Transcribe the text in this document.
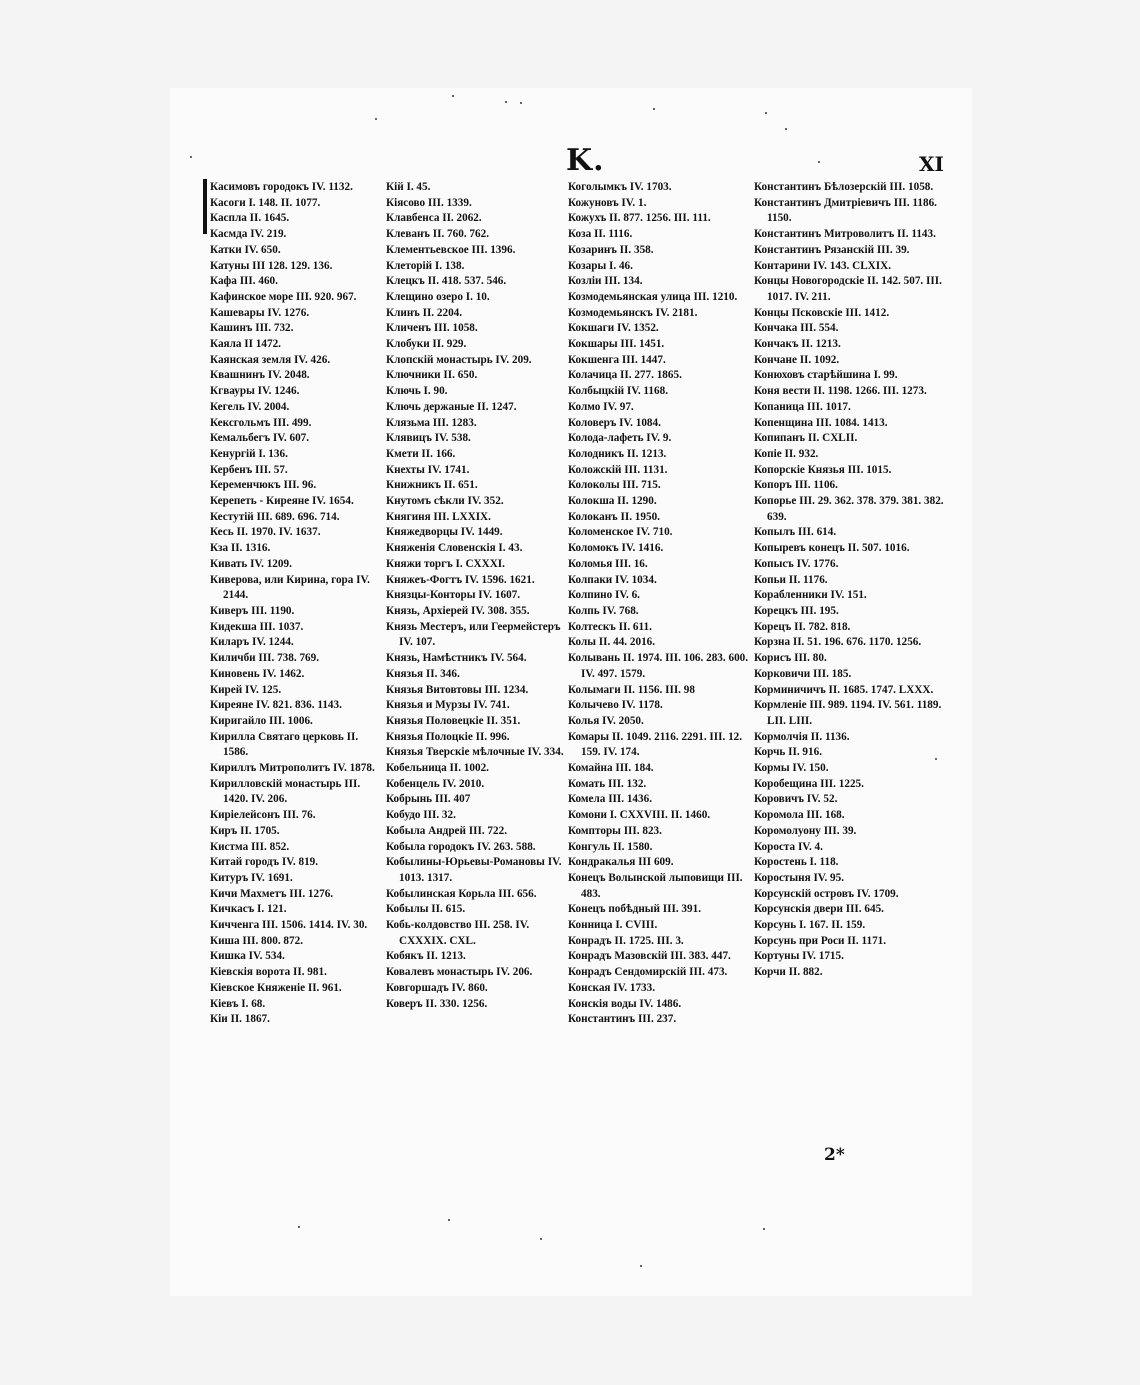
K.	XI
Касимовъ городокъ IV. 1132.
Касоги I. 148. II. 1077.
Каспла II. 1645.
Касмда IV. 219.
Катки IV. 650.
Катуны III 128. 129. 136.
Кафа III. 460.
Кафинское море III. 920. 967.
Кашевары IV. 1276.
Кашинъ III. 732.
Каяла II 1472.
Каянская земля IV. 426.
Квашнинъ IV. 2048.
Кгвауры IV. 1246.
Кегель IV. 2004.
Кексгольмъ III. 499.
Кемальбегъ IV. 607.
Кенургій I. 136.
Кербенъ III. 57.
Кеременчюкъ III. 96.
Керепеть - Киреяне IV. 1654.
Кестутій III. 689. 696. 714.
Кесь II. 1970. IV. 1637.
Кза II. 1316.
Кивать IV. 1209.
Киверова, или Кирина, гора IV. 2144.
Киверъ III. 1190.
Кидекша III. 1037.
Киларъ IV. 1244.
Киличби III. 738. 769.
Киновень IV. 1462.
Кирей IV. 125.
Киреяне IV. 821. 836. 1143.
Киригайло III. 1006.
Кирилла Святаго церковь II. 1586.
Кириллъ Митрополитъ IV. 1878.
Кирилловскій монастырь III. 1420. IV. 206.
Киріелейсонъ III. 76.
Киръ II. 1705.
Кистма III. 852.
Китай городъ IV. 819.
Китуръ IV. 1691.
Кичи Махметъ III. 1276.
Кичкасъ I. 121.
Кичченга III. 1506. 1414. IV. 30.
Киша III. 800. 872.
Кишка IV. 534.
Кіевскія ворота II. 981.
Кіевское Княженіе II. 961.
Кіевъ I. 68.
Кiи II. 1867.
Кій I. 45.
Кіясово III. 1339.
Клавбенса II. 2062.
Клеванъ II. 760. 762.
Клементьевское III. 1396.
Клеторій I. 138.
Клецкъ II. 418. 537. 546.
Клещино озеро I. 10.
Клинъ II. 2204.
Кличенъ III. 1058.
Клобуки II. 929.
Клопскій монастырь IV. 209.
Ключники II. 650.
Ключь I. 90.
Ключь держаные II. 1247.
Клязьма III. 1283.
Клявицъ IV. 538.
Кмети II. 166.
Кнехты IV. 1741.
Книжникъ II. 651.
Кнутомъ сѣкли IV. 352.
Княгиня III. LXXIX.
Княжедворцы IV. 1449.
Княженія Словенскія I. 43.
Княжи торгъ I. CXXXI.
Княжеъ-Фогтъ IV. 1596. 1621.
Князцы-Конторы IV. 1607.
Князь, Архіерей IV. 308. 355.
Князь Местеръ, или Геермейстеръ IV. 107.
Князь, Намѣстникъ IV. 564.
Князья II. 346.
Князья Витовтовы III. 1234.
Князья и Мурзы IV. 741.
Князья Половецкіе II. 351.
Князья Полоцкіе II. 996.
Князья Тверскіе мѣлочные IV. 334.
Кобельница II. 1002.
Кобенцель IV. 2010.
Кобрынь III. 407
Кобудо III. 32.
Кобыла Андрей III. 722.
Кобыла городокъ IV. 263. 588.
Кобылины-Юрьевы-Романовы IV. 1013. 1317.
Кобылинская Корьла III. 656.
Кобылы II. 615.
Кобь-колдовство III. 258. IV. CXXXIX. CXL.
Кобякъ II. 1213.
Ковалевъ монастырь IV. 206.
Ковгоршадъ IV. 860.
Коверъ II. 330. 1256.
Коголымкъ IV. 1703.
Кожуновъ IV. 1.
Кожухъ II. 877. 1256. III. 111.
Коза II. 1116.
Козаринъ II. 358.
Козары I. 46.
Козліи III. 134.
Козмодемьянская улица III. 1210.
Козмодемьянскъ IV. 2181.
Кокшаги IV. 1352.
Кокшары III. 1451.
Кокшенга III. 1447.
Колачица II. 277. 1865.
Колбыцкій IV. 1168.
Колмо IV. 97.
Коловеръ IV. 1084.
Колода-лафеть IV. 9.
Колодникъ II. 1213.
Коложскій III. 1131.
Колоколы III. 715.
Колокша II. 1290.
Колоканъ II. 1950.
Коломенское IV. 710.
Коломокъ IV. 1416.
Коломья III. 16.
Колпаки IV. 1034.
Колпино IV. 6.
Колпь IV. 768.
Колтескъ II. 611.
Колы II. 44. 2016.
Колывань II. 1974. III. 106. 283. 600. IV. 497. 1579.
Колымаги II. 1156. III. 98
Колычево IV. 1178.
Колья IV. 2050.
Комары II. 1049. 2116. 2291. III. 12. 159. IV. 174.
Комайна III. 184.
Комать III. 132.
Комела III. 1436.
Комони I. CXXVIII. II. 1460.
Компторы III. 823.
Конгуль II. 1580.
Кондракалья III 609.
Конецъ Волынской лыповищи III. 483.
Конецъ побѣдный III. 391.
Конница I. CVIII.
Конрадъ II. 1725. III. 3.
Конрадъ Мазовскій III. 383. 447.
Конрадъ Сендомирскій III. 473.
Конская IV. 1733.
Конскія воды IV. 1486.
Константинъ III. 237.
Константинъ Бѣлозерскій III. 1058.
Константинъ Дмитріевичъ III. 1186. 1150.
Константинъ Митроволитъ II. 1143.
Константинъ Рязанскій III. 39.
Контарини IV. 143. CLXIX.
Концы Новогородскіе II. 142. 507. III. 1017. IV. 211.
Концы Псковскіе III. 1412.
Кончака III. 554.
Кончакъ II. 1213.
Кончане II. 1092.
Конюховъ старѣйшина I. 99.
Коня вести II. 1198. 1266. III. 1273.
Копаница III. 1017.
Копенщина III. 1084. 1413.
Копипанъ II. CXLII.
Копіе II. 932.
Копорскіе Князья III. 1015.
Копоръ III. 1106.
Копорье III. 29. 362. 378. 379. 381. 382. 639.
Копылъ III. 614.
Копыревъ конецъ II. 507. 1016.
Копысъ IV. 1776.
Копьи II. 1176.
Корабленники IV. 151.
Корецкъ III. 195.
Корецъ II. 782. 818.
Корзна II. 51. 196. 676. 1170. 1256.
Корисъ III. 80.
Корковичи III. 185.
Корминичичъ II. 1685. 1747. LXXX.
Кормленіе III. 989. 1194. IV. 561. 1189. LII. LIII.
Кормолчія II. 1136.
Корчь II. 916.
Кормы IV. 150.
Коробещина III. 1225.
Коровичъ IV. 52.
Коромола III. 168.
Коромолуону III. 39.
Короста IV. 4.
Коростень I. 118.
Коростыня IV. 95.
Корсунскій островъ IV. 1709.
Корсунскія двери III. 645.
Корсунь I. 167. II. 159.
Корсунь при Роси II. 1171.
Кортуны IV. 1715.
Корчи II. 882.
2*
